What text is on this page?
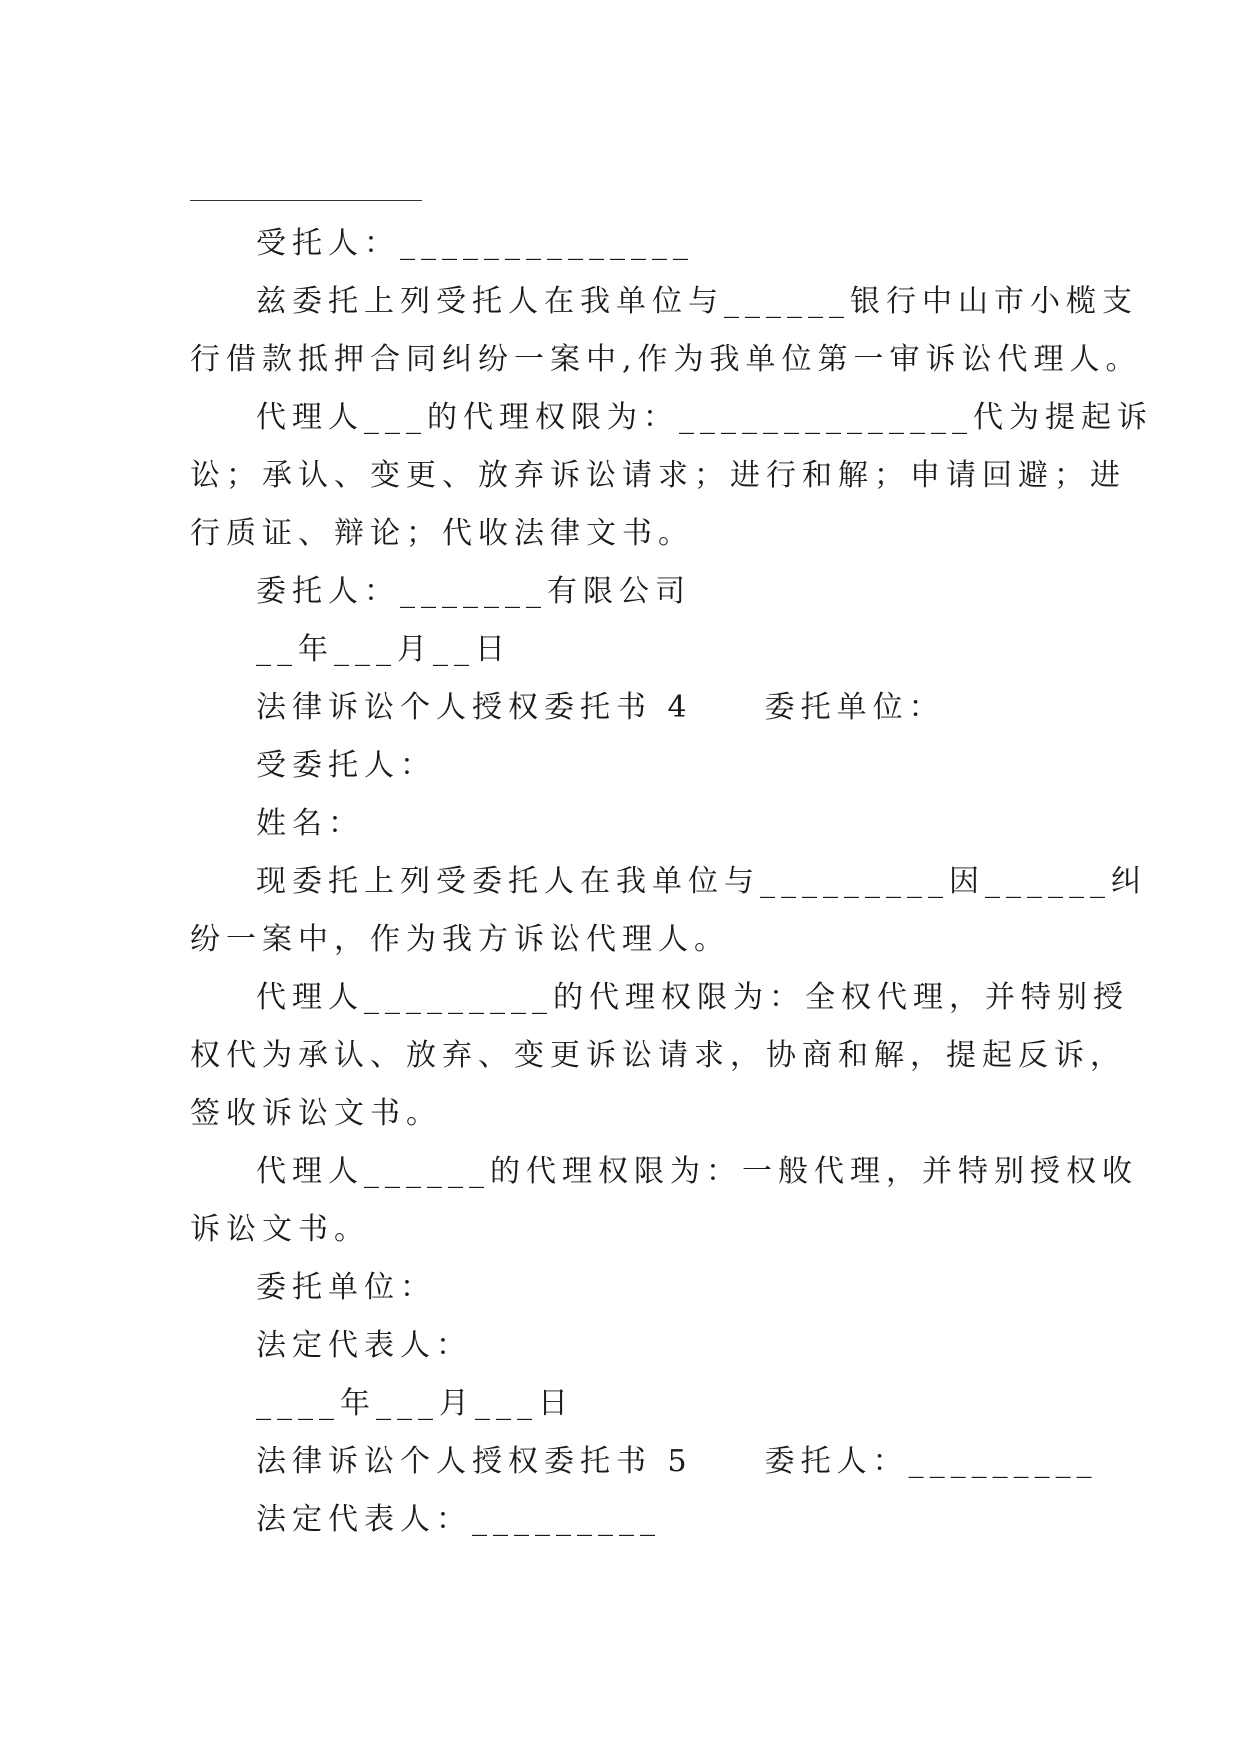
受托人：______________
兹委托上列受托人在我单位与______银行中山市小榄支
行借款抵押合同纠纷一案中,作为我单位第一审诉讼代理人。
代理人___的代理权限为：______________代为提起诉
讼；承认、变更、放弃诉讼请求；进行和解；申请回避；进
行质证、辩论；代收法律文书。
委托人：_______有限公司
__年___月__日
法律诉讼个人授权委托书 4　　委托单位：
受委托人：
姓名：
现委托上列受委托人在我单位与_________因______纠
纷一案中，作为我方诉讼代理人。
代理人_________的代理权限为：全权代理，并特别授
权代为承认、放弃、变更诉讼请求，协商和解，提起反诉，
签收诉讼文书。
代理人______的代理权限为：一般代理，并特别授权收
诉讼文书。
委托单位：
法定代表人：
____年___月___日
法律诉讼个人授权委托书 5　　委托人：_________
法定代表人：_________
